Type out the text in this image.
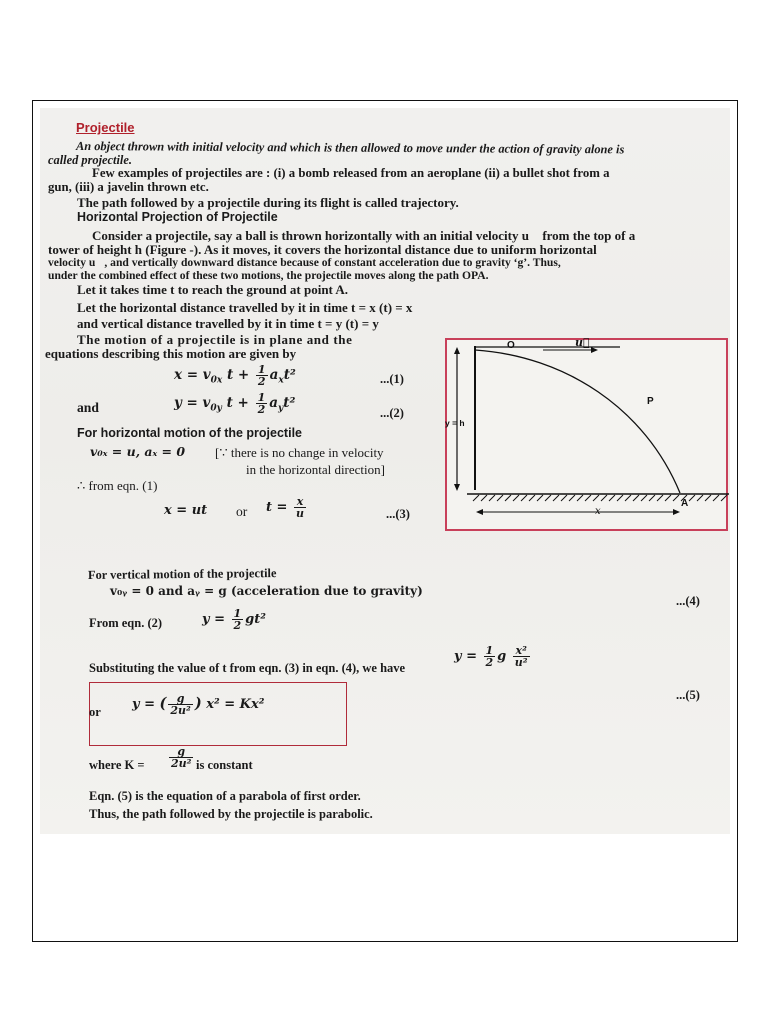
Projectile
An object thrown with initial velocity and which is then allowed to move under the action of gravity alone is
called projectile.
Few examples of projectiles are : (i) a bomb released from an aeroplane (ii) a bullet shot from a
gun, (iii) a javelin thrown etc.
The path followed by a projectile during its flight is called trajectory.
Horizontal Projection of Projectile
Consider a projectile, say a ball is thrown horizontally with an initial velocity u⃗ from the top of a
tower of height h (Figure -). As it moves, it covers the horizontal distance due to uniform horizontal
velocity u⃗, and vertically downward distance because of constant acceleration due to gravity ‘g’. Thus,
under the combined effect of these two motions, the projectile moves along the path OPA.
Let it takes time t to reach the ground at point A.
Let the horizontal distance travelled by it in time t = x (t) = x
and vertical distance travelled by it in time t = y (t) = y
The motion of a projectile is in plane and the
equations describing this motion are given by
$x = v_{0x}$ $t + \frac{1}{2} a_xt^2$	...(1)
and	$y = v_{0y}$ $t + \frac{1}{2} a_yt^2$
...(2)
For horizontal motion of the projectile
v₀ₓ = u, aₓ = 0 [∵ there is no change in velocity
in the horizontal direction]
∴ from eqn. (1)
x = ut or $t = \frac{x}{u}$	...(3)
O	u⃗
P
A
y = h
x
For vertical motion of the projectile
v₀ᵧ = 0 and aᵧ = g (acceleration due to gravity)
...(4)
From eqn. (2)	$y = \frac{1}{2} gt^2$
Substituting the value of t from eqn. (3) in eqn. (4), we have
$y = \frac{1}{2}$ g $\frac{\text{x²}}{\text{u²}}$
...(5)
or y = ( $\frac{g}{\text{2u²}}$ ) x² = Kx²
where $K = \frac{g}{\text{2u²}}$ is constant
Eqn. (5) is the equation of a parabola of first order.
Thus, the path followed by the projectile is parabolic.
